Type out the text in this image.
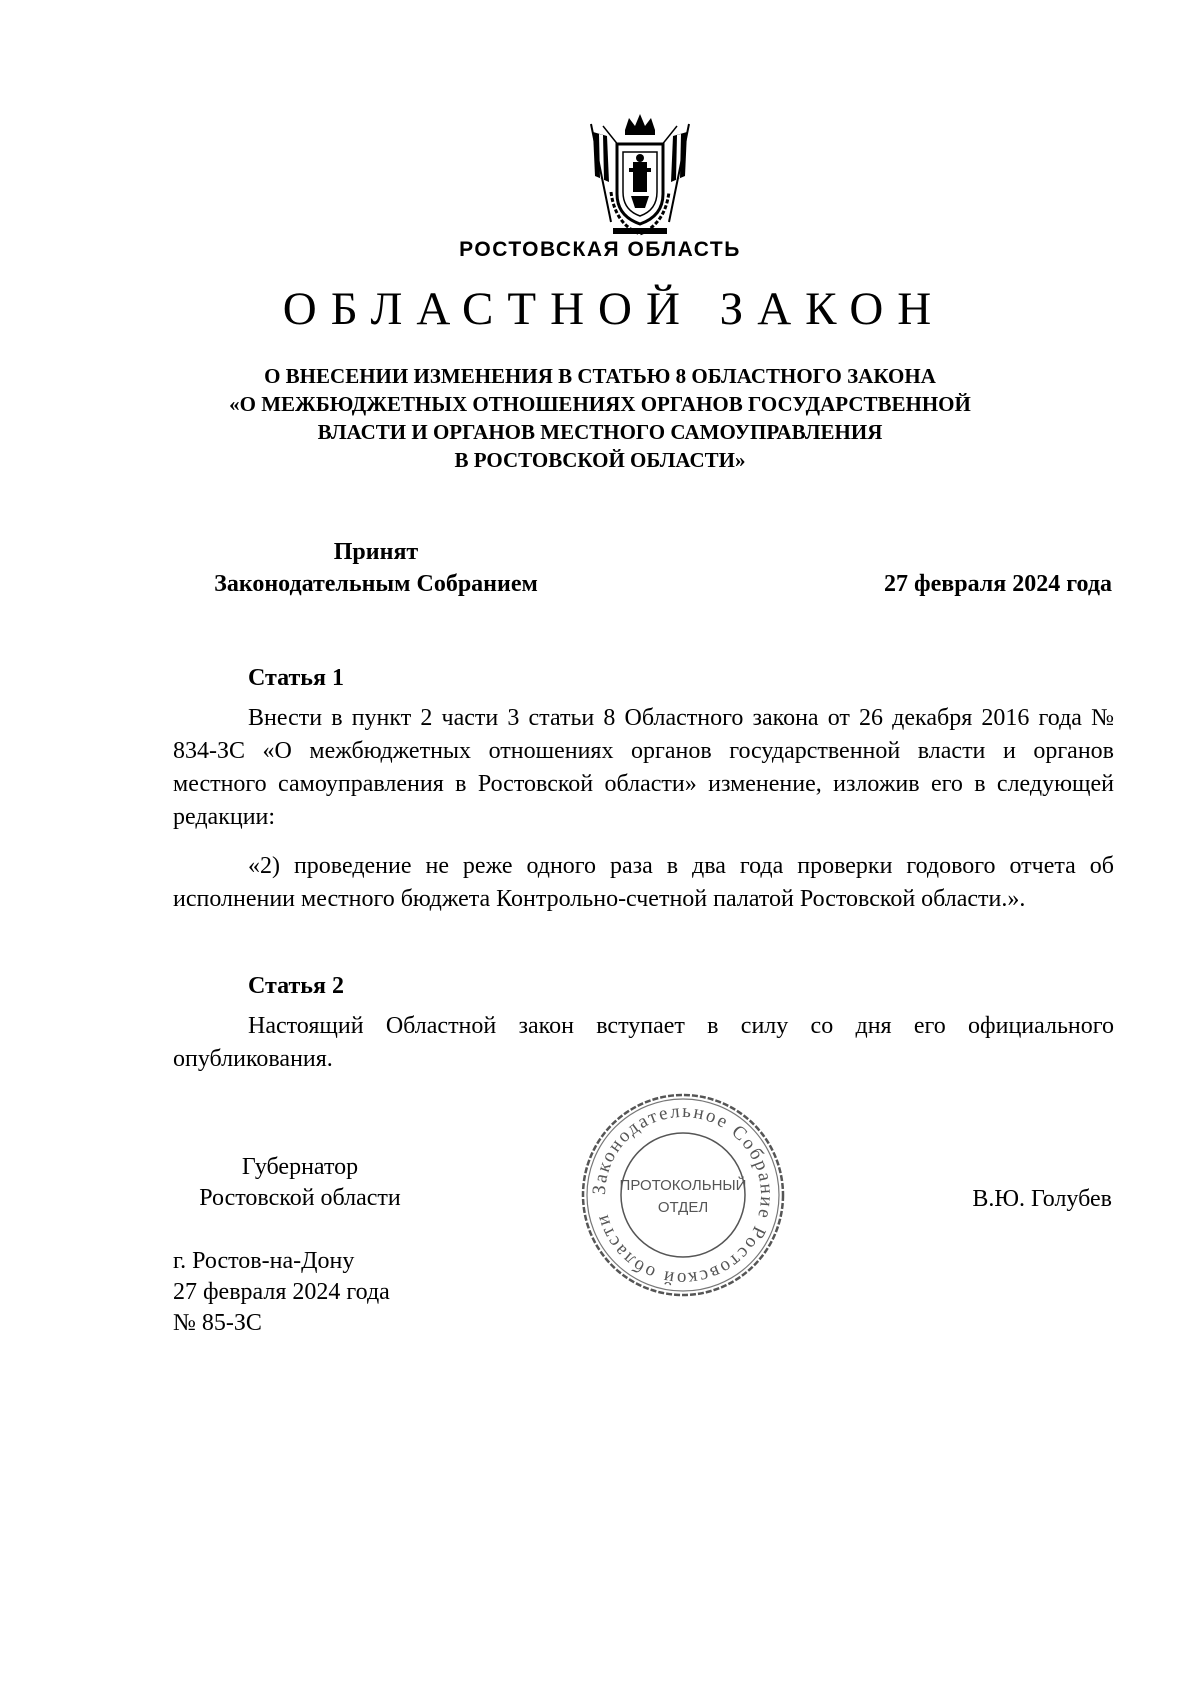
РОСТОВСКАЯ ОБЛАСТЬ
ОБЛАСТНОЙ ЗАКОН
О ВНЕСЕНИИ ИЗМЕНЕНИЯ В СТАТЬЮ 8 ОБЛАСТНОГО ЗАКОНА
«О МЕЖБЮДЖЕТНЫХ ОТНОШЕНИЯХ ОРГАНОВ ГОСУДАРСТВЕННОЙ
ВЛАСТИ И ОРГАНОВ МЕСТНОГО САМОУПРАВЛЕНИЯ
В РОСТОВСКОЙ ОБЛАСТИ»
Принят
Законодательным Собранием	27 февраля 2024 года
Статья 1

Внести в пункт 2 части 3 статьи 8 Областного закона от 26 декабря 2016 года № 834-ЗС «О межбюджетных отношениях органов государственной власти и органов местного самоуправления в Ростовской области» изменение, изложив его в следующей редакции:

«2) проведение не реже одного раза в два года проверки годового отчета об исполнении местного бюджета Контрольно-счетной палатой Ростовской области.».

Статья 2

Настоящий Областной закон вступает в силу со дня его официального опубликования.

Губернатор
Ростовской области	В.Ю. Голубев
г. Ростов-на-Дону
27 февраля 2024 года
№ 85-ЗС
Законодательное Собрание Ростовской области
ПРОТОКОЛЬНЫЙ
ОТДЕЛ
